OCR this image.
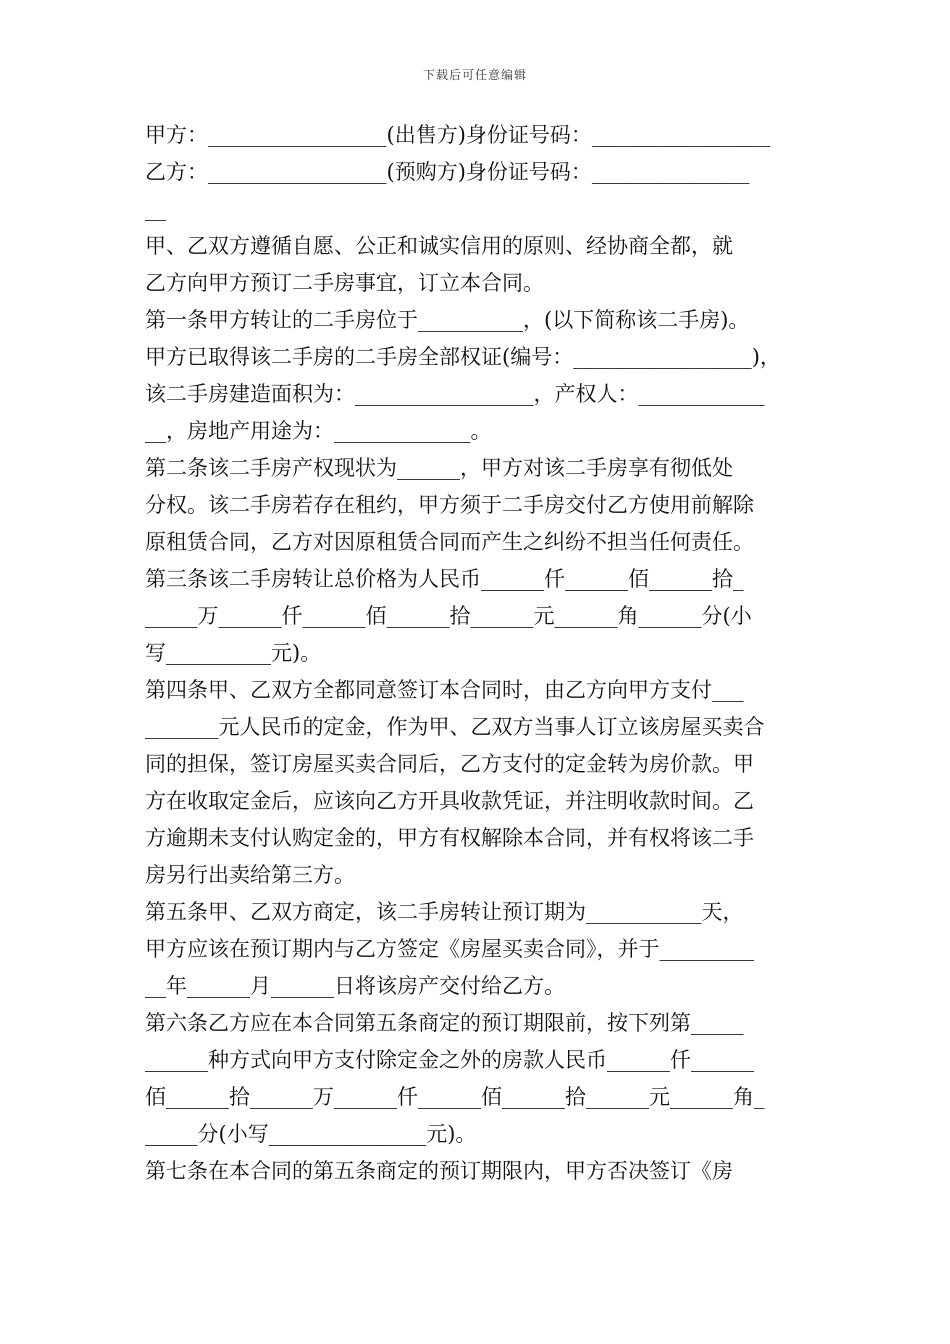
下载后可任意编辑
甲方：_________________(出售方)身份证号码：_________________
乙方：_________________(预购方)身份证号码：_______________
__
甲、乙双方遵循自愿、公正和诚实信用的原则、经协商全都，就
乙方向甲方预订二手房事宜，订立本合同。
第一条甲方转让的二手房位于__________，(以下简称该二手房)。
甲方已取得该二手房的二手房全部权证(编号：_________________)，
该二手房建造面积为：_________________，产权人：____________
__，房地产用途为：_____________。
第二条该二手房产权现状为______，甲方对该二手房享有彻低处
分权。该二手房若存在租约，甲方须于二手房交付乙方使用前解除
原租赁合同，乙方对因原租赁合同而产生之纠纷不担当任何责任。
第三条该二手房转让总价格为人民币______仟______佰______拾_
_____万______仟______佰______拾______元______角______分(小
写__________元)。
第四条甲、乙双方全都同意签订本合同时，由乙方向甲方支付___
_______元人民币的定金，作为甲、乙双方当事人订立该房屋买卖合
同的担保，签订房屋买卖合同后，乙方支付的定金转为房价款。甲
方在收取定金后，应该向乙方开具收款凭证，并注明收款时间。乙
方逾期未支付认购定金的，甲方有权解除本合同，并有权将该二手
房另行出卖给第三方。
第五条甲、乙双方商定，该二手房转让预订期为___________天，
甲方应该在预订期内与乙方签定《房屋买卖合同》，并于_________
__年______月______日将该房产交付给乙方。
第六条乙方应在本合同第五条商定的预订期限前，按下列第_____
______种方式向甲方支付除定金之外的房款人民币______仟______
佰______拾______万______仟______佰______拾______元______角_
_____分(小写_______________元)。
第七条在本合同的第五条商定的预订期限内，甲方否决签订《房
